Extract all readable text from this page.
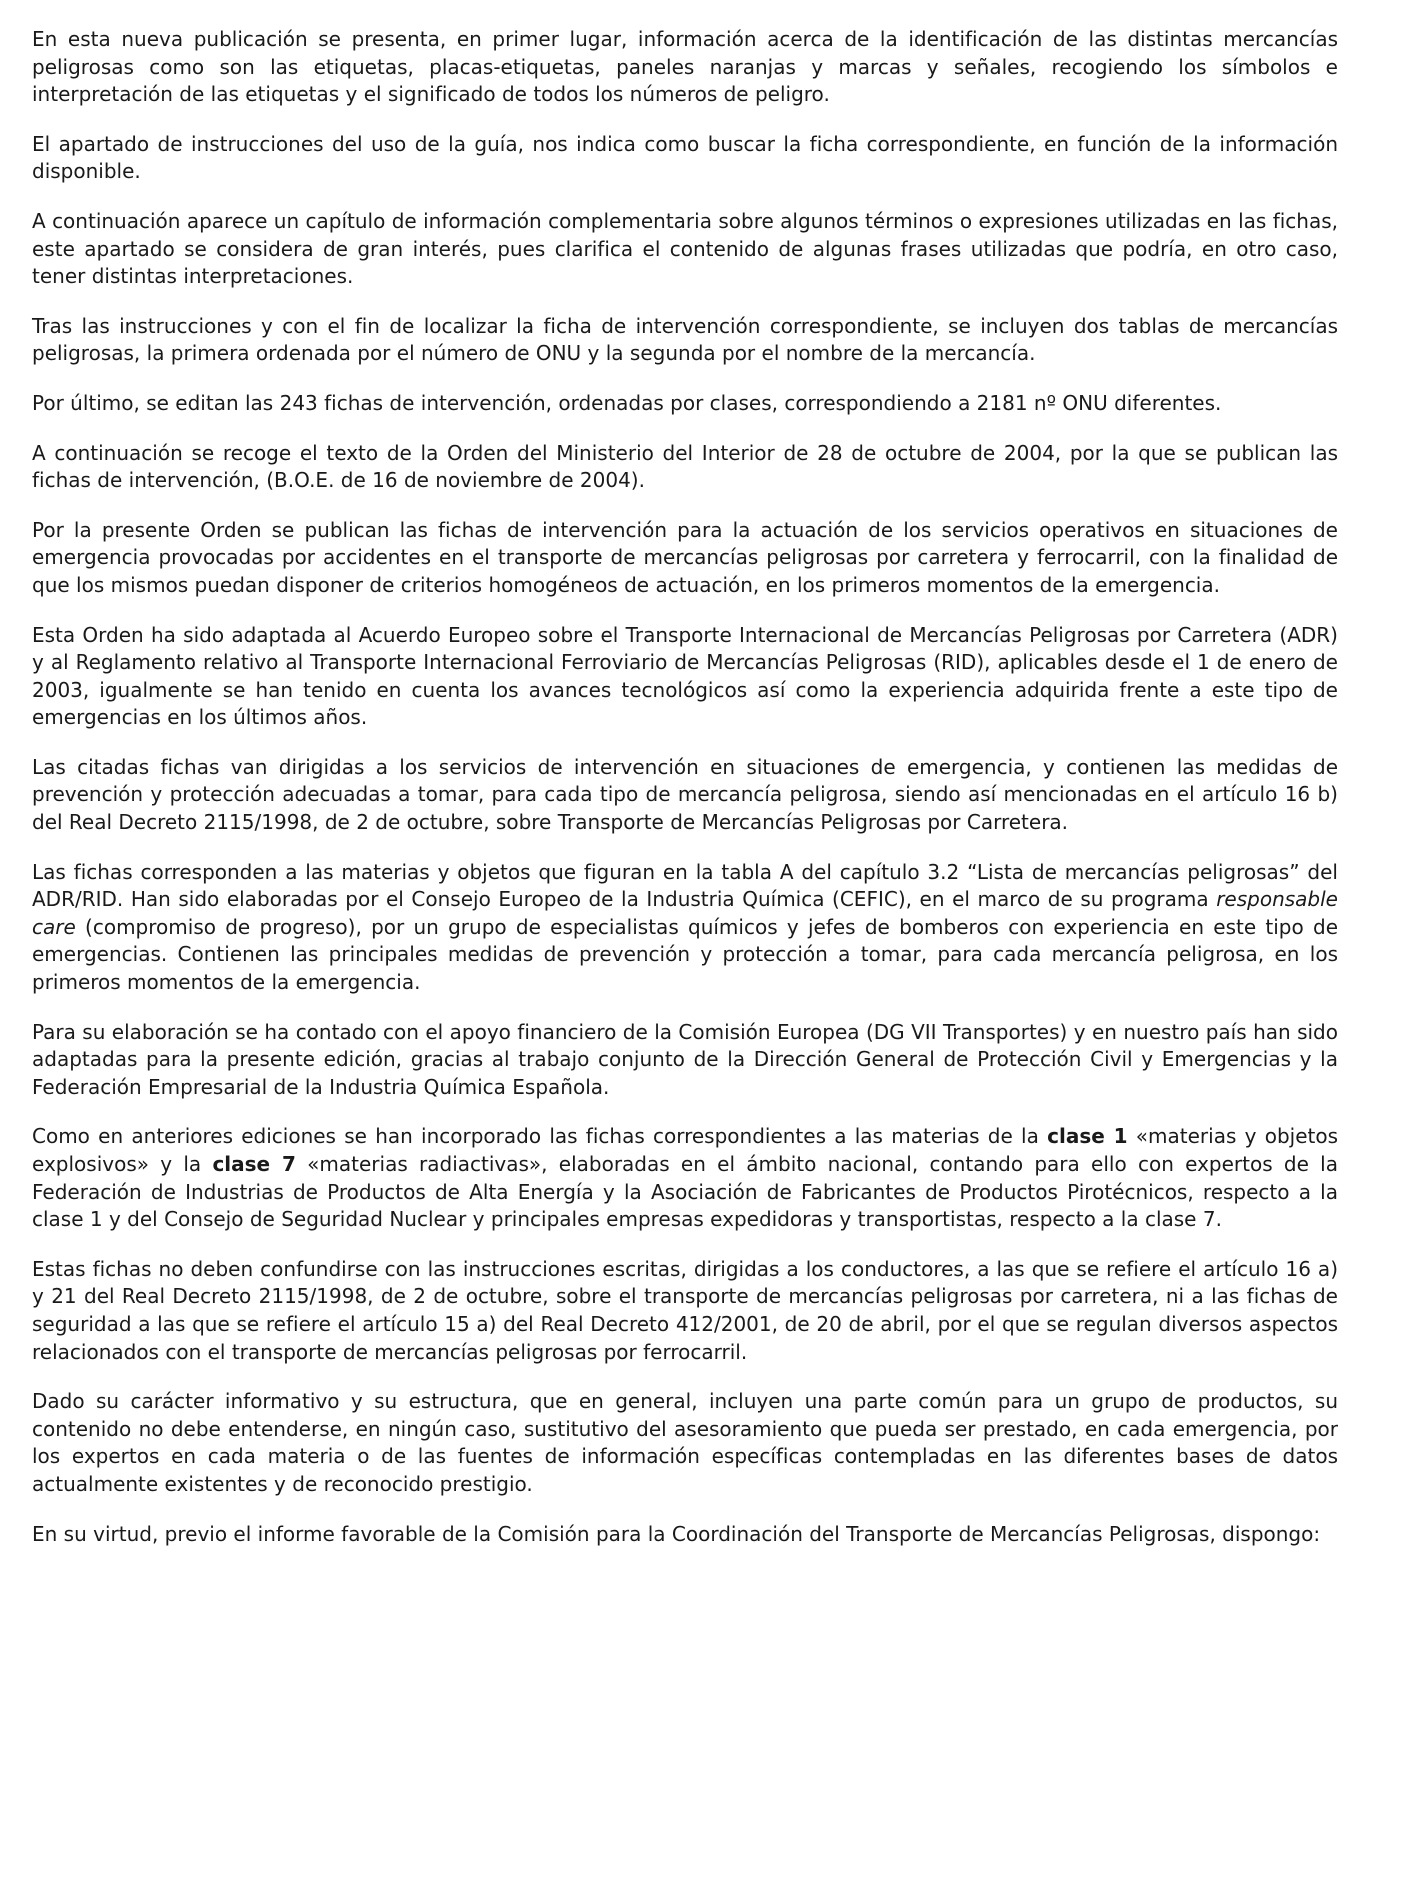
En esta nueva publicación se presenta, en primer lugar, información acerca de la identificación de las distintas mercancías peligrosas como son las etiquetas, placas-etiquetas, paneles naranjas y marcas y señales, recogiendo los símbolos e interpretación de las etiquetas y el significado de todos los números de peligro.

El apartado de instrucciones del uso de la guía, nos indica como buscar la ficha correspondiente, en función de la información disponible.

A continuación aparece un capítulo de información complementaria sobre algunos términos o expresiones utilizadas en las fichas, este apartado se considera de gran interés, pues clarifica el contenido de algunas frases utilizadas que podría, en otro caso, tener distintas interpretaciones.

Tras las instrucciones y con el fin de localizar la ficha de intervención correspondiente, se incluyen dos tablas de mercancías peligrosas, la primera ordenada por el número de ONU y la segunda por el nombre de la mercancía.

Por último, se editan las 243 fichas de intervención, ordenadas por clases, correspondiendo a 2181 nº ONU diferentes.

A continuación se recoge el texto de la Orden del Ministerio del Interior de 28 de octubre de 2004, por la que se publican las fichas de intervención, (B.O.E. de 16 de noviembre de 2004).

Por la presente Orden se publican las fichas de intervención para la actuación de los servicios operativos en situaciones de emergencia provocadas por accidentes en el transporte de mercancías peligrosas por carretera y ferrocarril, con la finalidad de que los mismos puedan disponer de criterios homogéneos de actuación, en los primeros momentos de la emergencia.

Esta Orden ha sido adaptada al Acuerdo Europeo sobre el Transporte Internacional de Mercancías Peligrosas por Carretera (ADR) y al Reglamento relativo al Transporte Internacional Ferroviario de Mercancías Peligrosas (RID), aplicables desde el 1 de enero de 2003, igualmente se han tenido en cuenta los avances tecnológicos así como la experiencia adquirida frente a este tipo de emergencias en los últimos años.

Las citadas fichas van dirigidas a los servicios de intervención en situaciones de emergencia, y contienen las medidas de prevención y protección adecuadas a tomar, para cada tipo de mercancía peligrosa, siendo así mencionadas en el artículo 16 b) del Real Decreto 2115/1998, de 2 de octubre, sobre Transporte de Mercancías Peligrosas por Carretera.

Las fichas corresponden a las materias y objetos que figuran en la tabla A del capítulo 3.2 “Lista de mercancías peligrosas” del ADR/RID. Han sido elaboradas por el Consejo Europeo de la Industria Química (CEFIC), en el marco de su programa responsable care (compromiso de progreso), por un grupo de especialistas químicos y jefes de bomberos con experiencia en este tipo de emergencias. Contienen las principales medidas de prevención y protección a tomar, para cada mercancía peligrosa, en los primeros momentos de la emergencia.

Para su elaboración se ha contado con el apoyo financiero de la Comisión Europea (DG VII Transportes) y en nuestro país han sido adaptadas para la presente edición, gracias al trabajo conjunto de la Dirección General de Protección Civil y Emergencias y la Federación Empresarial de la Industria Química Española.

Como en anteriores ediciones se han incorporado las fichas correspondientes a las materias de la clase 1 «materias y objetos explosivos» y la clase 7 «materias radiactivas», elaboradas en el ámbito nacional, contando para ello con expertos de la Federación de Industrias de Productos de Alta Energía y la Asociación de Fabricantes de Productos Pirotécnicos, respecto a la clase 1 y del Consejo de Seguridad Nuclear y principales empresas expedidoras y transportistas, respecto a la clase 7.

Estas fichas no deben confundirse con las instrucciones escritas, dirigidas a los conductores, a las que se refiere el artículo 16 a) y 21 del Real Decreto 2115/1998, de 2 de octubre, sobre el transporte de mercancías peligrosas por carretera, ni a las fichas de seguridad a las que se refiere el artículo 15 a) del Real Decreto 412/2001, de 20 de abril, por el que se regulan diversos aspectos relacionados con el transporte de mercancías peligrosas por ferrocarril.

Dado su carácter informativo y su estructura, que en general, incluyen una parte común para un grupo de productos, su contenido no debe entenderse, en ningún caso, sustitutivo del asesoramiento que pueda ser prestado, en cada emergencia, por los expertos en cada materia o de las fuentes de información específicas contempladas en las diferentes bases de datos actualmente existentes y de reconocido prestigio.

En su virtud, previo el informe favorable de la Comisión para la Coordinación del Transporte de Mercancías Peligrosas, dispongo:
